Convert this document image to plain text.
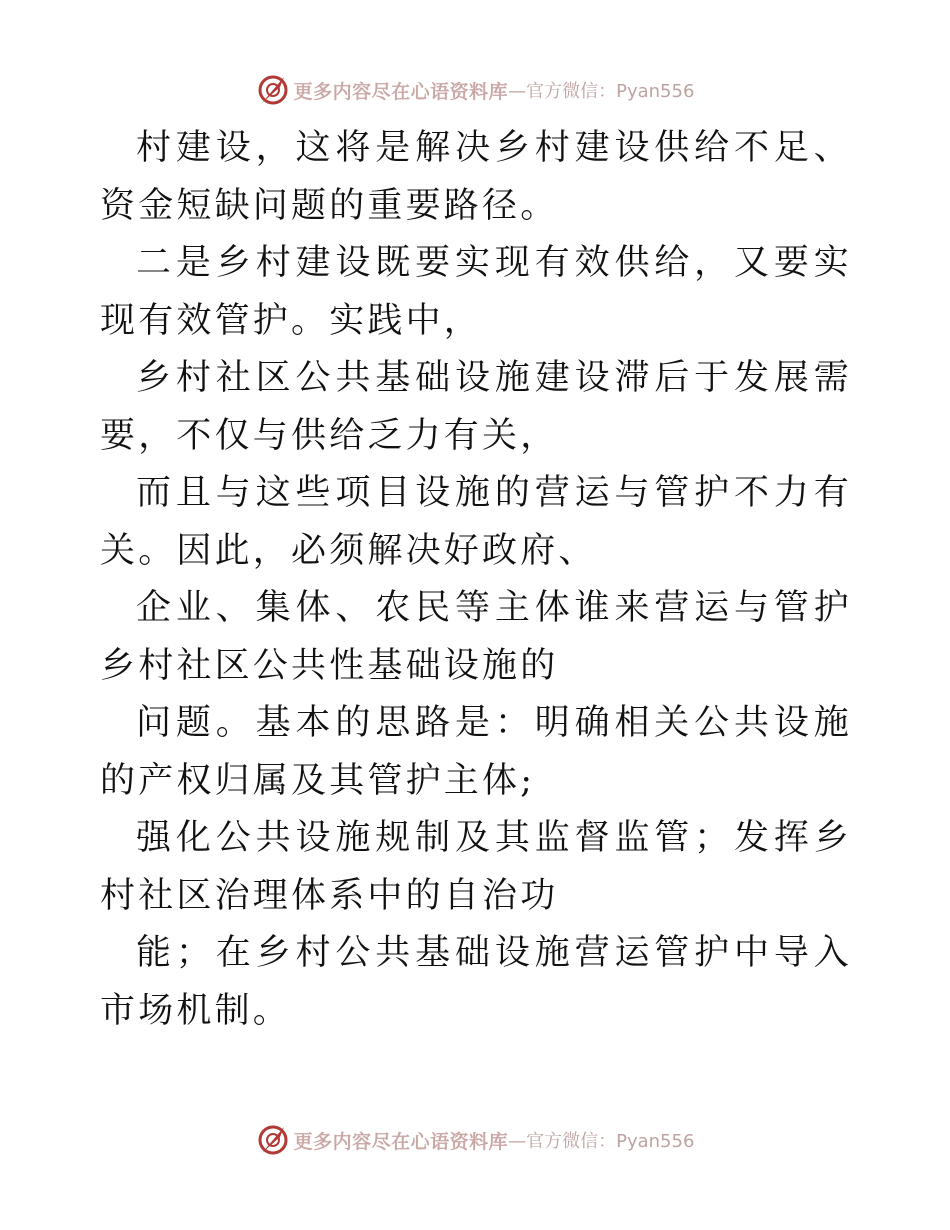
更多内容尽在心语资料库 —官方微信：Pyan556

村建设，这将是解决乡村建设供给不足、资金短缺问题的重要路径。

二是乡村建设既要实现有效供给，又要实现有效管护。实践中，

乡村社区公共基础设施建设滞后于发展需要，不仅与供给乏力有关，

而且与这些项目设施的营运与管护不力有关。因此，必须解决好政府、

企业、集体、农民等主体谁来营运与管护乡村社区公共性基础设施的

问题。基本的思路是：明确相关公共设施的产权归属及其管护主体;

强化公共设施规制及其监督监管；发挥乡村社区治理体系中的自治功

能；在乡村公共基础设施营运管护中导入市场机制。

更多内容尽在心语资料库 —官方微信：Pyan556
